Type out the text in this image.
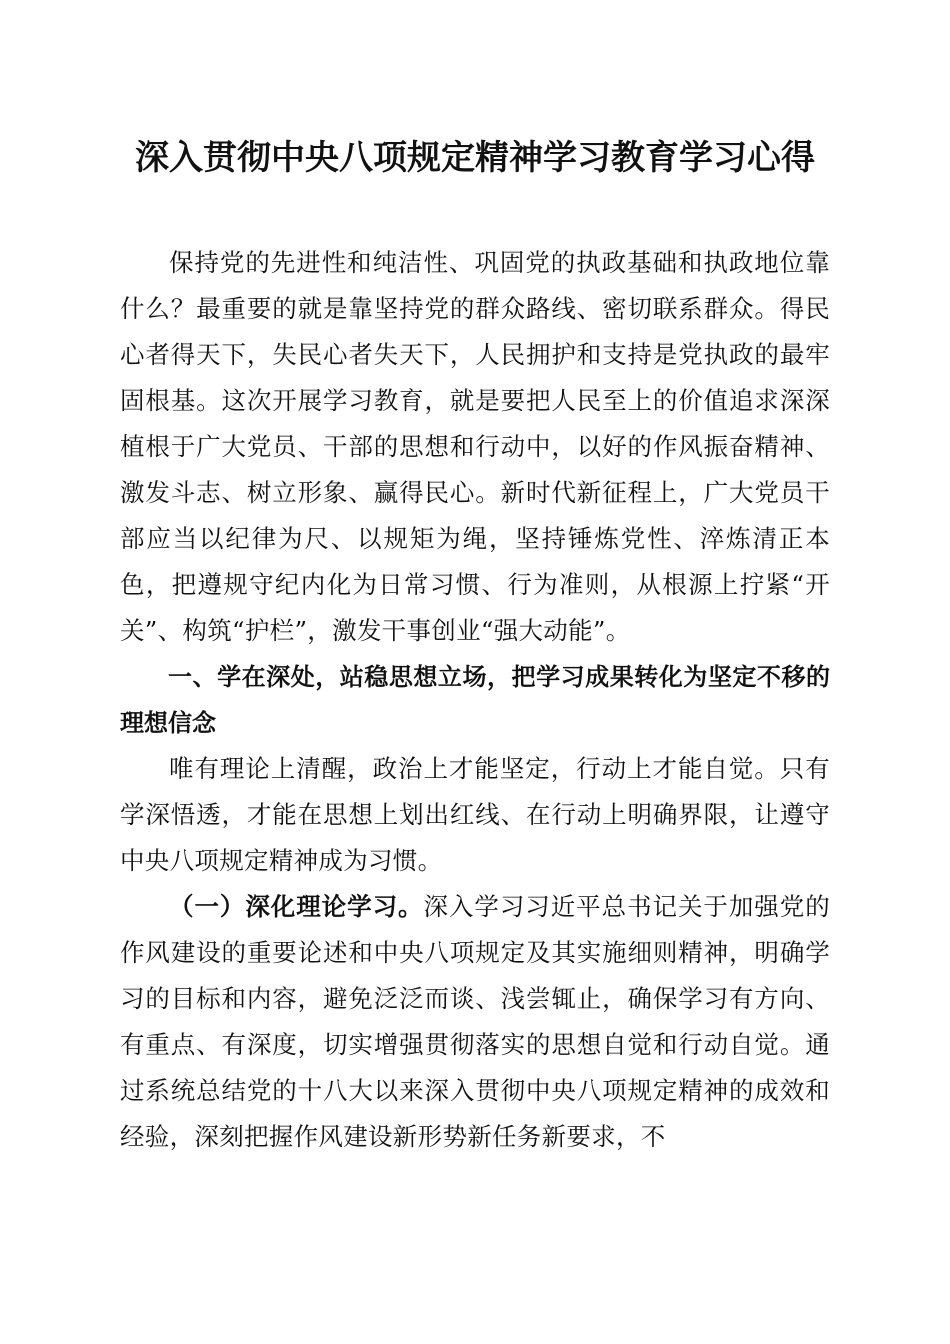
深入贯彻中央八项规定精神学习教育学习心得

保持党的先进性和纯洁性、巩固党的执政基础和执政地位靠什么？最重要的就是靠坚持党的群众路线、密切联系群众。得民心者得天下，失民心者失天下，人民拥护和支持是党执政的最牢固根基。这次开展学习教育，就是要把人民至上的价值追求深深植根于广大党员、干部的思想和行动中，以好的作风振奋精神、激发斗志、树立形象、赢得民心。新时代新征程上，广大党员干部应当以纪律为尺、以规矩为绳，坚持锤炼党性、淬炼清正本色，把遵规守纪内化为日常习惯、行为准则，从根源上拧紧“开关”、构筑“护栏”，激发干事创业“强大动能”。

一、学在深处，站稳思想立场，把学习成果转化为坚定不移的理想信念

唯有理论上清醒，政治上才能坚定，行动上才能自觉。只有学深悟透，才能在思想上划出红线、在行动上明确界限，让遵守中央八项规定精神成为习惯。

（一）深化理论学习。深入学习习近平总书记关于加强党的作风建设的重要论述和中央八项规定及其实施细则精神，明确学习的目标和内容，避免泛泛而谈、浅尝辄止，确保学习有方向、有重点、有深度，切实增强贯彻落实的思想自觉和行动自觉。通过系统总结党的十八大以来深入贯彻中央八项规定精神的成效和经验，深刻把握作风建设新形势新任务新要求，不
